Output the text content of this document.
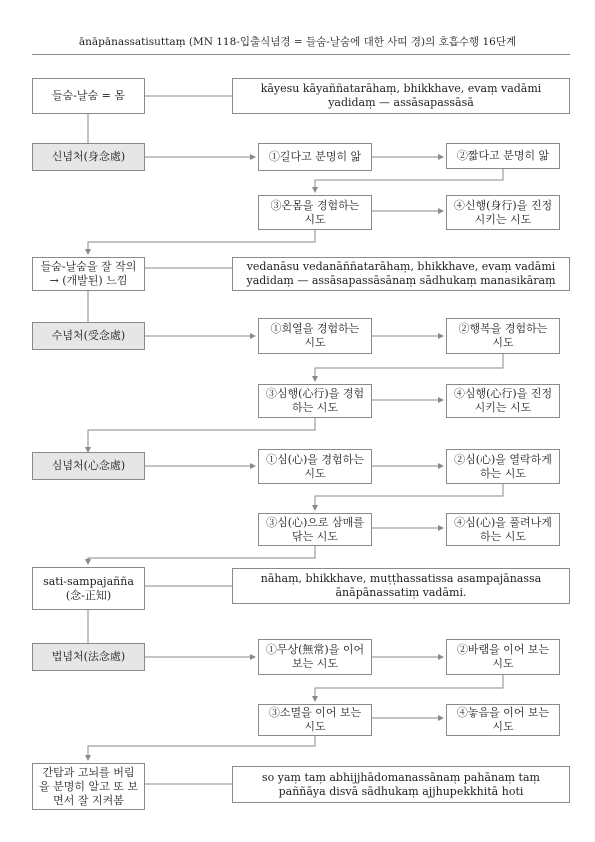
ānāpānassatisuttaṃ (MN 118-입출식념경 = 들숨-날숨에 대한 사띠 경)의 호흡수행 16단계
들숨-날숨 = 몸
kāyesu kāyaññatarāhaṃ, bhikkhave, evaṃ vadāmi yadidaṃ — assāsapassāsā
신념처(身念處)	①길다고 분명히 앎	②짧다고 분명히 앎
③온몸을 경험하는 시도
④신행(身行)을 진정시키는 시도
들숨-날숨을 잘 작의 → (개발된) 느낌
vedanāsu vedanāññatarāhaṃ, bhikkhave, evaṃ vadāmi yadidaṃ — assāsapassāsānaṃ sādhukaṃ manasikāraṃ
수념처(受念處)
①희열을 경험하는 시도
②행복을 경험하는 시도
③심행(心行)을 경험하는 시도
④심행(心行)을 진정시키는 시도
심념처(心念處)	①심(心)을 경험하는 시도
②심(心)을 열락하게 하는 시도
③심(心)으로 삼매를 닦는 시도
④심(心)을 풀려나게 하는 시도
sati-sampajañña (念-正知)
nāhaṃ, bhikkhave, muṭṭhassatissa asampajānassa ānāpānassatiṃ vadāmi.
법념처(法念處)
①무상(無常)을 이어 보는 시도
②바램을 이어 보는 시도
③소멸을 이어 보는 시도
④놓음을 이어 보는 시도
간탐과 고뇌를 버림을 분명히 알고 또 보면서 잘 지켜봄
so yaṃ taṃ abhijjhādomanassānaṃ pahānaṃ taṃ paññāya disvā sādhukaṃ ajjhupekkhitā hoti
